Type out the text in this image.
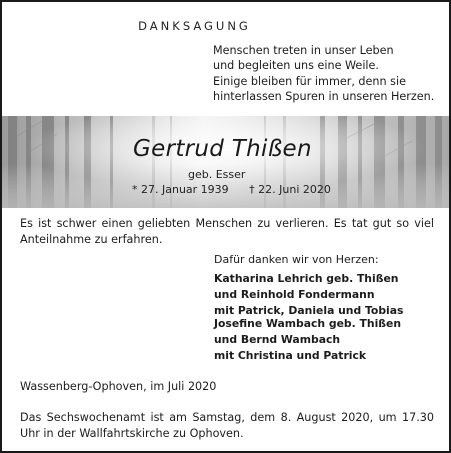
DANKSAGUNG
Menschen treten in unser Leben
und begleiten uns eine Weile.
Einige bleiben für immer, denn sie
hinterlassen Spuren in unseren Herzen.
Gertrud Thißen
geb. Esser
* 27. Januar 1939 † 22. Juni 2020
Es ist schwer einen geliebten Menschen zu verlieren. Es tat gut so viel Anteilnahme zu erfahren.
Dafür danken wir von Herzen:
Katharina Lehrich geb. Thißen
und Reinhold Fondermann
mit Patrick, Daniela und Tobias
Josefine Wambach geb. Thißen
und Bernd Wambach
mit Christina und Patrick
Wassenberg-Ophoven, im Juli 2020
Das Sechswochenamt ist am Samstag, dem 8. August 2020, um 17.30 Uhr in der Wallfahrtskirche zu Ophoven.
